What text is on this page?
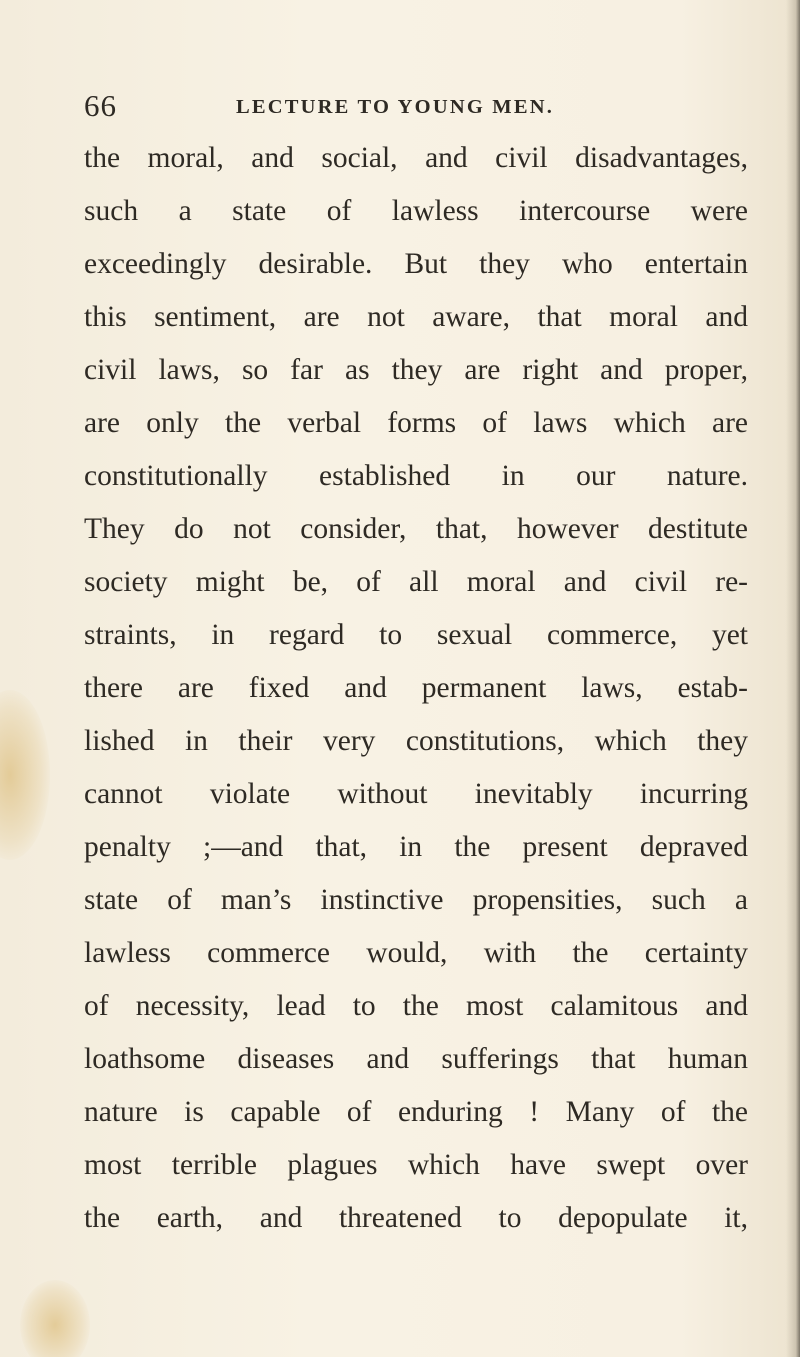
66	LECTURE TO YOUNG MEN.
the moral, and social, and civil disadvantages,
such a state of lawless intercourse were
exceedingly desirable. But they who entertain
this sentiment, are not aware, that moral and
civil laws, so far as they are right and proper,
are only the verbal forms of laws which are
constitutionally established in our nature.
They do not consider, that, however destitute
society might be, of all moral and civil re-
straints, in regard to sexual commerce, yet
there are fixed and permanent laws, estab-
lished in their very constitutions, which they
cannot violate without inevitably incurring
penalty ;—and that, in the present depraved
state of man’s instinctive propensities, such a
lawless commerce would, with the certainty
of necessity, lead to the most calamitous and
loathsome diseases and sufferings that human
nature is capable of enduring ! Many of the
most terrible plagues which have swept over
the earth, and threatened to depopulate it,
